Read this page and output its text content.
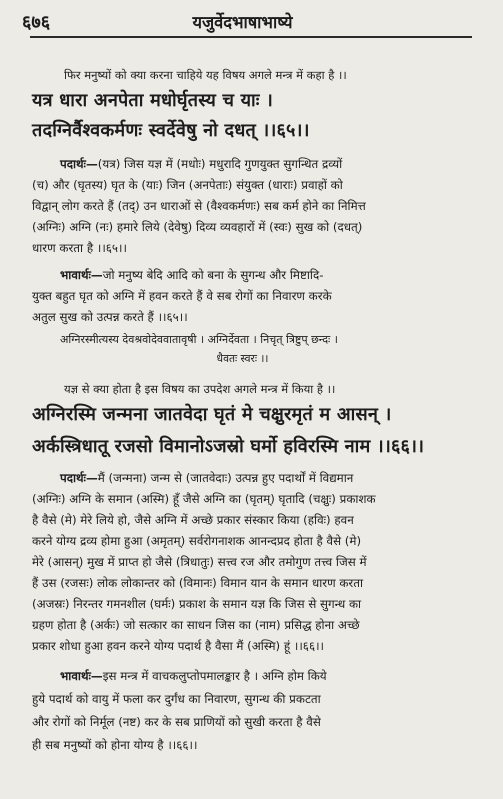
६७६	यजुर्वेदभाषाभाष्ये
फिर मनुष्यों को क्या करना चाहिये यह विषय अगले मन्त्र में कहा है ।।
यत्र धारा अनपेता मधोर्घृतस्य च याः ।
तदग्निर्वैश्वकर्मणः स्वर्देवेषु नो दधत् ।।६५।।
पदार्थः—(यत्र) जिस यज्ञ में (मधोः) मधुरादि गुणयुक्त सुगन्धित द्रव्यों
(च) और (घृतस्य) घृत के (याः) जिन (अनपेताः) संयुक्त (धाराः) प्रवाहों को
विद्वान् लोग करते हैं (तद्) उन धाराओं से (वैश्वकर्मणः) सब कर्म होने का निमित्त
(अग्निः) अग्नि (नः) हमारे लिये (देवेषु) दिव्य व्यवहारों में (स्वः) सुख को (दधत्)
धारण करता है ।।६५।।
भावार्थः—जो मनुष्य बेदि आदि को बना के सुगन्ध और मिष्टादि-
युक्त बहुत घृत को अग्नि में हवन करते हैं वे सब रोगों का निवारण करके
अतुल सुख को उत्पन्न करते हैं ।।६५।।
अग्निरस्मीत्यस्य देवश्रवोदेववातावृषी । अग्निर्देवता । निचृत् त्रिष्टुप् छन्दः ।
धैवतः स्वरः ।।
यज्ञ से क्या होता है इस विषय का उपदेश अगले मन्त्र में किया है ।।
अग्निरस्मि जन्मना जातवेदा घृतं मे चक्षुरमृतं म आसन् ।
अर्कस्त्रिधातू रजसो विमानोऽजस्रो घर्मो हविरस्मि नाम ।।६६।।
पदार्थः—मैं (जन्मना) जन्म से (जातवेदाः) उत्पन्न हुए पदार्थों में विद्यमान
(अग्निः) अग्नि के समान (अस्मि) हूँ जैसे अग्नि का (घृतम्) घृतादि (चक्षुः) प्रकाशक
है वैसे (मे) मेरे लिये हो, जैसे अग्नि में अच्छे प्रकार संस्कार किया (हविः) हवन
करने योग्य द्रव्य होमा हुआ (अमृतम्) सर्वरोगनाशक आनन्दप्रद होता है वैसे (मे)
मेरे (आसन्) मुख में प्राप्त हो जैसे (त्रिधातुः) सत्त्व रज और तमोगुण तत्त्व जिस में
हैं उस (रजसः) लोक लोकान्तर को (विमानः) विमान यान के समान धारण करता
(अजस्रः) निरन्तर गमनशील (घर्मः) प्रकाश के समान यज्ञ कि जिस से सुगन्ध का
ग्रहण होता है (अर्कः) जो सत्कार का साधन जिस का (नाम) प्रसिद्ध होना अच्छे
प्रकार शोधा हुआ हवन करने योग्य पदार्थ है वैसा मैं (अस्मि) हूं ।।६६।।
भावार्थः—इस मन्त्र में वाचकलुप्तोपमालङ्कार है । अग्नि होम किये
हुये पदार्थ को वायु में फला कर दुर्गंध का निवारण, सुगन्ध की प्रकटता
और रोगों को निर्मूल (नष्ट) कर के सब प्राणियों को सुखी करता है वैसे
ही सब मनुष्यों को होना योग्य है ।।६६।।
